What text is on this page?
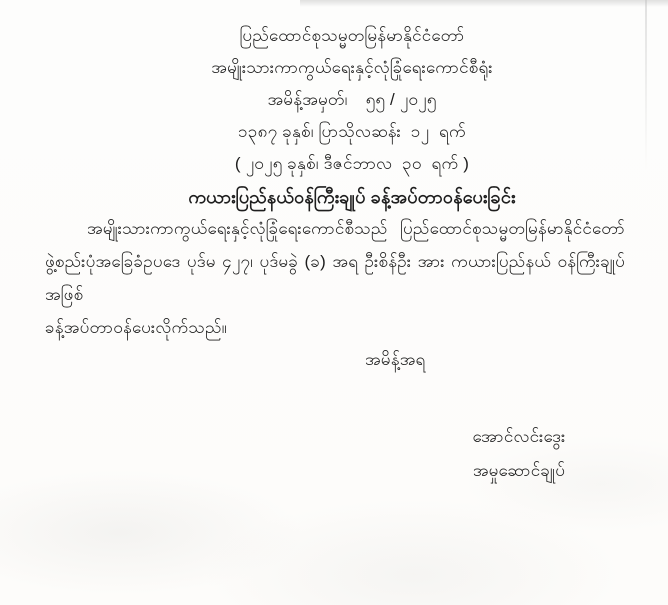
ပြည်ထောင်စုသမ္မတမြန်မာနိုင်ငံတော်
အမျိုးသားကာကွယ်ရေးနှင့်လုံခြုံရေးကောင်စီရုံး
အမိန့်အမှတ်၊ ၅၅ / ၂၀၂၅
၁၃၈၇ ခုနှစ်၊ ပြာသိုလဆန်း  ၁၂  ရက်
( ၂၀၂၅ ခုနှစ်၊ ဒီဇင်ဘာလ  ၃၀  ရက် )
ကယားပြည်နယ်ဝန်ကြီးချုပ် ခန့်အပ်တာဝန်ပေးခြင်း
အမျိုးသားကာကွယ်ရေးနှင့်လုံခြုံရေးကောင်စီသည် ပြည်ထောင်စုသမ္မတမြန်မာနိုင်ငံတော်
ဖွဲ့စည်းပုံအခြေခံဥပဒေ ပုဒ်မ ၄၂၇၊ ပုဒ်မခွဲ (ခ) အရ ဦးစိန်ဦး အား ကယားပြည်နယ် ဝန်ကြီးချုပ် အဖြစ်
ခန့်အပ်တာဝန်ပေးလိုက်သည်။
အမိန့်အရ
အောင်လင်းဒွေး
အမှုဆောင်ချုပ်
